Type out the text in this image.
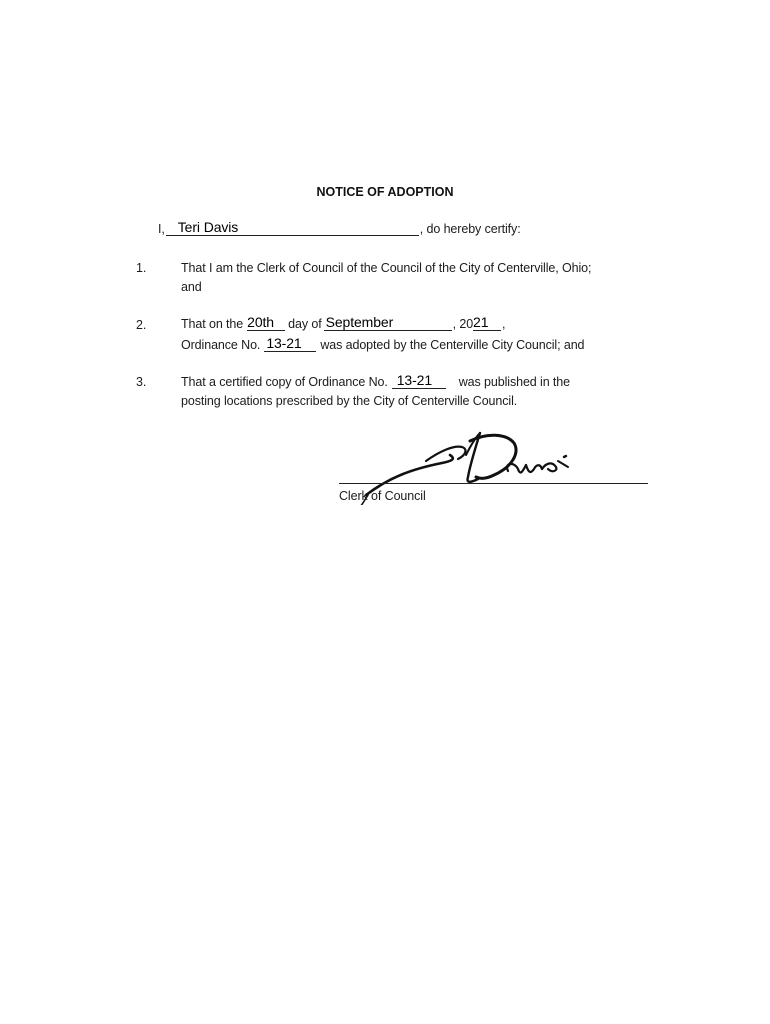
NOTICE OF ADOPTION
I, Teri Davis	, do hereby certify:
1.	That I am the Clerk of Council of the Council of the City of Centerville, Ohio;
and
2.	That on the 20th day of September	, 20 21 ,
Ordinance No. 13-21 was adopted by the Centerville City Council; and
3.	That a certified copy of Ordinance No. 13-21 was published in the
posting locations prescribed by the City of Centerville Council.
Clerk of Council
